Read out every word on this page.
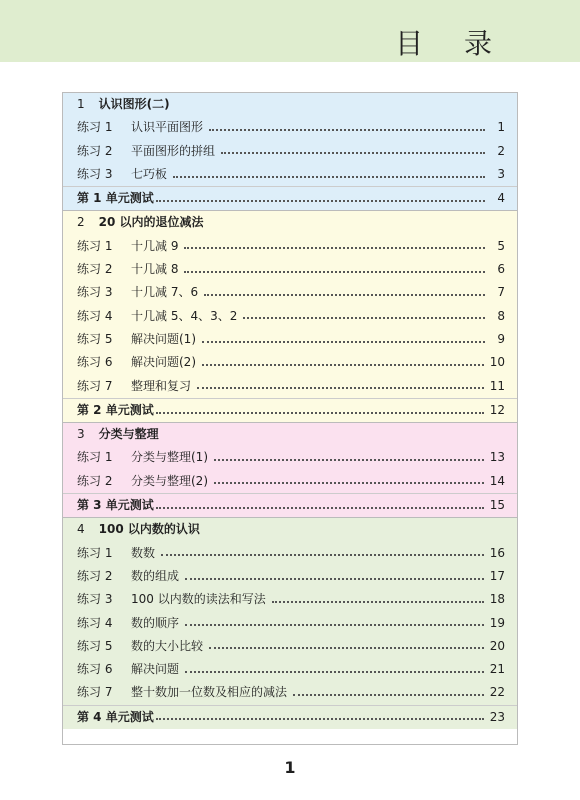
目 录
1 认识图形(二)
练习 1	认识平面图形	1
练习 2	平面图形的拼组	2
练习 3	七巧板	3
第 1 单元测试	4
2 20 以内的退位减法
练习 1	十几减 9	5
练习 2	十几减 8	6
练习 3	十几减 7、6	7
练习 4	十几减 5、4、3、2	8
练习 5	解决问题(1)	9
练习 6	解决问题(2)	10
练习 7	整理和复习	11
第 2 单元测试	12
3 分类与整理
练习 1	分类与整理(1)	13
练习 2	分类与整理(2)	14
第 3 单元测试	15
4 100 以内数的认识
练习 1	数数	16
练习 2	数的组成	17
练习 3	100 以内数的读法和写法	18
练习 4	数的顺序	19
练习 5	数的大小比较	20
练习 6	解决问题	21
练习 7	整十数加一位数及相应的减法	22
第 4 单元测试	23
1
